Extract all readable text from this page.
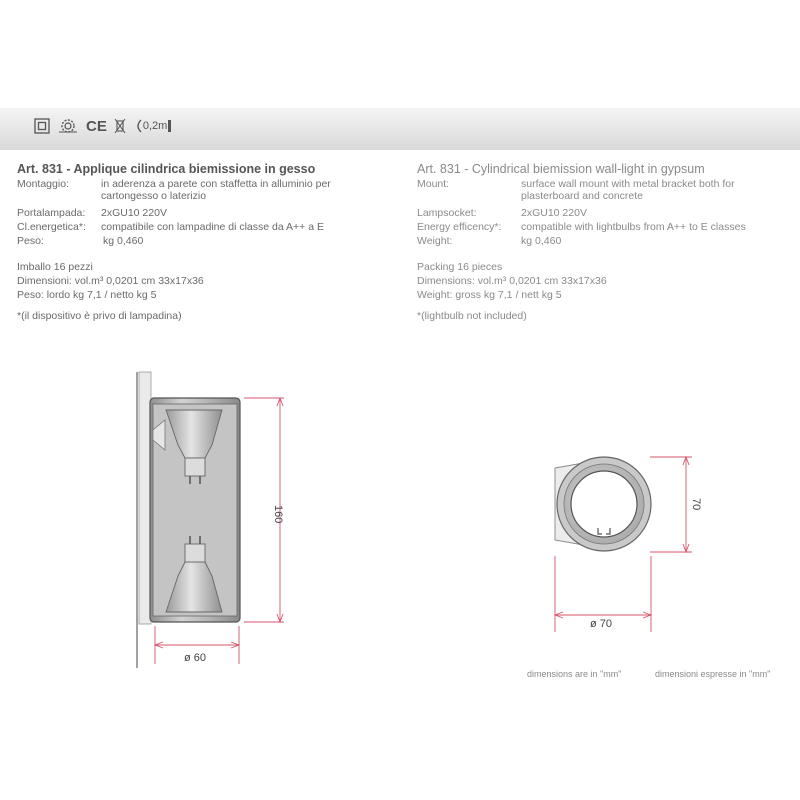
CE	0,2m
Art. 831 - Applique cilindrica biemissione in gesso
Montaggio:	in aderenza a parete con staffetta in alluminio per cartongesso o laterizio
Portalampada:	2xGU10 220V
Cl.energetica*:	compatibile con lampadine di classe da A++ a E
Peso:	kg 0,460
Imballo 16 pezzi
Dimensioni: vol.m³ 0,0201 cm 33x17x36
Peso: lordo kg 7,1 / netto kg 5
*(il dispositivo è privo di lampadina)
Art. 831 - Cylindrical biemission wall-light in gypsum
Mount:	surface wall mount with metal bracket both for plasterboard and concrete
Lampsocket:	2xGU10 220V
Energy efficency*:	compatible with lightbulbs from A++ to E classes
Weight:	kg 0,460
Packing 16 pieces
Dimensions: vol.m³ 0,0201 cm 33x17x36
Weight: gross kg 7,1 / nett kg 5
*(lightbulb not included)
160
ø 60
70
ø 70
dimensions are in "mm"	dimensioni espresse in "mm"
